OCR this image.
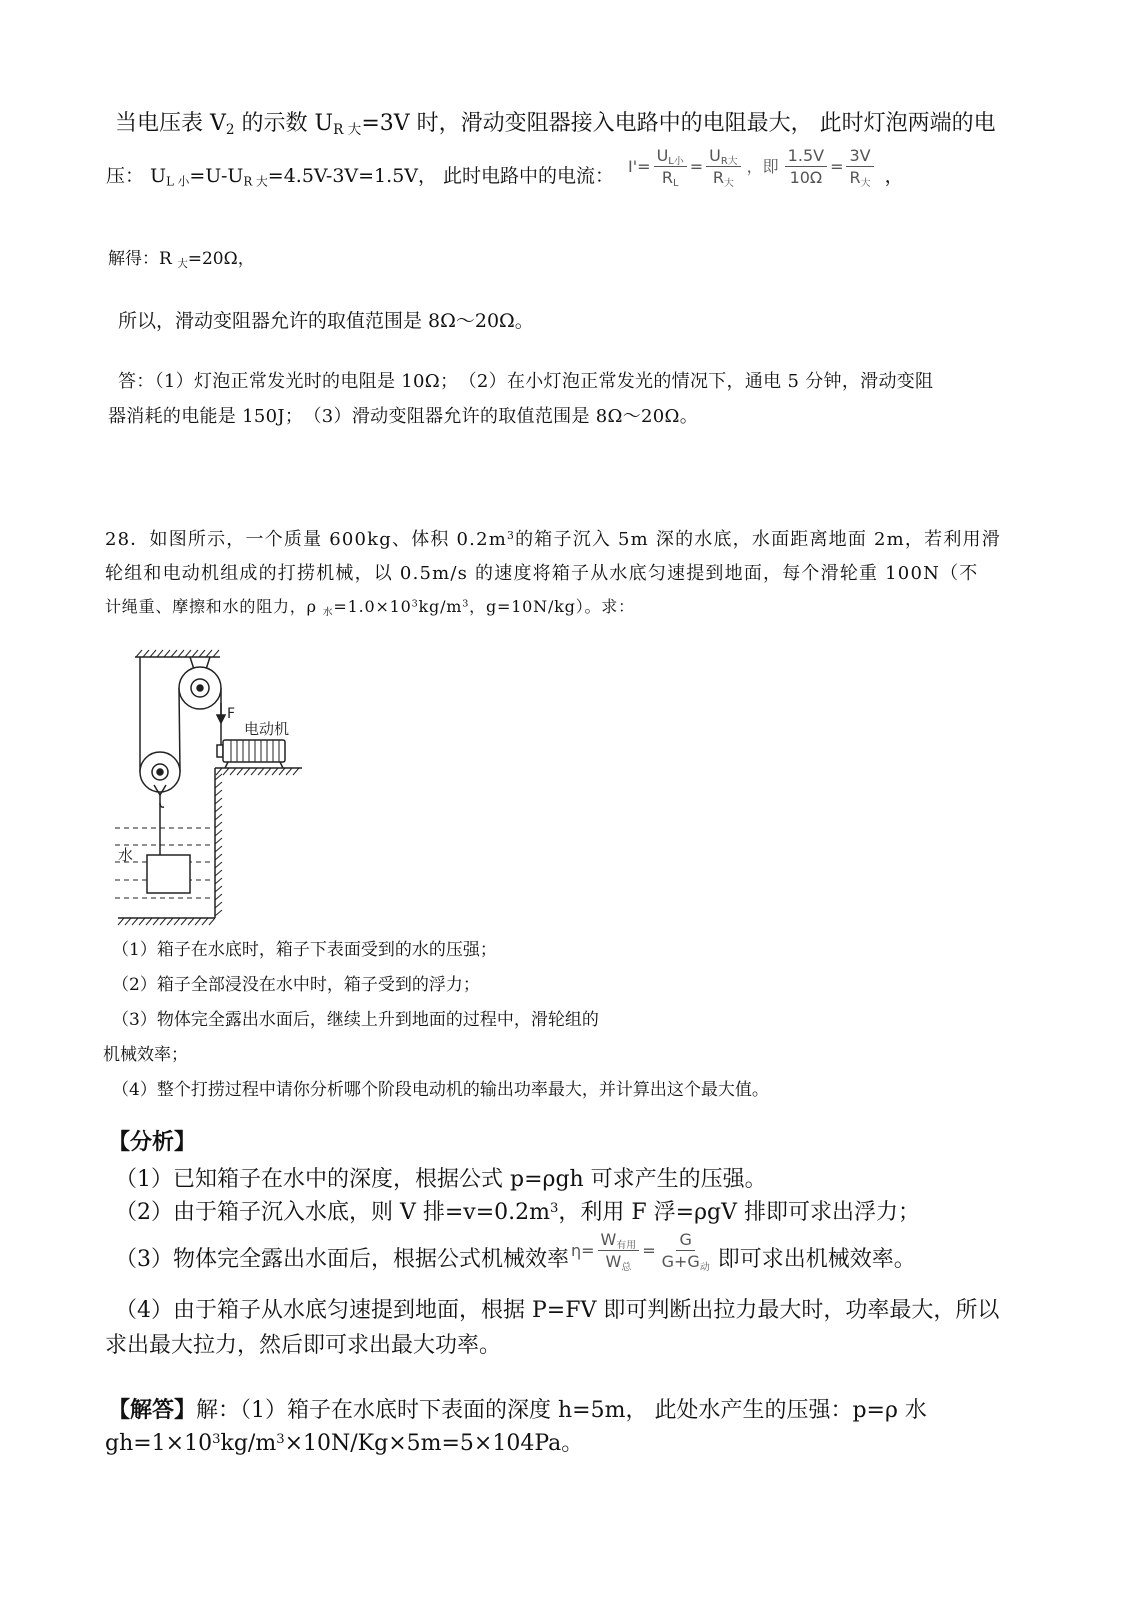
当电压表 $V_2$ 的示数 $U_{R 大}=3V$ 时，滑动变阻器接入电路中的电阻最大， 此时灯泡两端的电
压： $U_{L 小}=U-U_{R 大}=4.5V-3V=1.5V$， 此时电路中的电流： $I'= \frac{U_{L小}}{R_L} = \frac{U_{R大}}{R_大}$ ，即 $\frac{1.5V}{10\Omega} = \frac{3V}{R_大}$ ，
解得：R $_大$=20Ω，
所以，滑动变阻器允许的取值范围是 8Ω～20Ω。
答：（1）灯泡正常发光时的电阻是 10Ω；　（2）在小灯泡正常发光的情况下，通电 5 分钟，滑动变阻
器消耗的电能是 150J；　（3）滑动变阻器允许的取值范围是 8Ω～20Ω。
28．如图所示，一个质量 600kg、体积 $0.2m^3$的箱子沉入 5m 深的水底，水面距离地面 2m，若利用滑
轮组和电动机组成的打捞机械，以 0.5m/s 的速度将箱子从水底匀速提到地面，每个滑轮重 100N（不
计绳重、摩擦和水的阻力，ρ $_水=1.0\times 10^3kg/m^3$，g=10N/kg）。求：
F
电动机
水
（1）箱子在水底时，箱子下表面受到的水的压强；
（2）箱子全部浸没在水中时，箱子受到的浮力；
（3）物体完全露出水面后，继续上升到地面的过程中，滑轮组的
机械效率；
（4）整个打捞过程中请你分析哪个阶段电动机的输出功率最大，并计算出这个最大值。
【分析】
（1）已知箱子在水中的深度，根据公式 p=ρgh 可求产生的压强。
（2）由于箱子沉入水底，则 V 排$=v=0.2m^3$，利用 F 浮=ρgV 排即可求出浮力；
（3）物体完全露出水面后，根据公式机械效率 $\eta = \frac{W_{有用}}{W_总} = \frac{G}{G+G_动}$ 即可求出机械效率。
（4）由于箱子从水底匀速提到地面，根据 P=FV 即可判断出拉力最大时，功率最大，所以
求出最大拉力，然后即可求出最大功率。
【解答】解：（1）箱子在水底时下表面的深度 h=5m， 此处水产生的压强：p=ρ 水
$gh=1\times 10^3kg/m^3\times 10N/Kg\times 5m=5\times 104Pa$。
